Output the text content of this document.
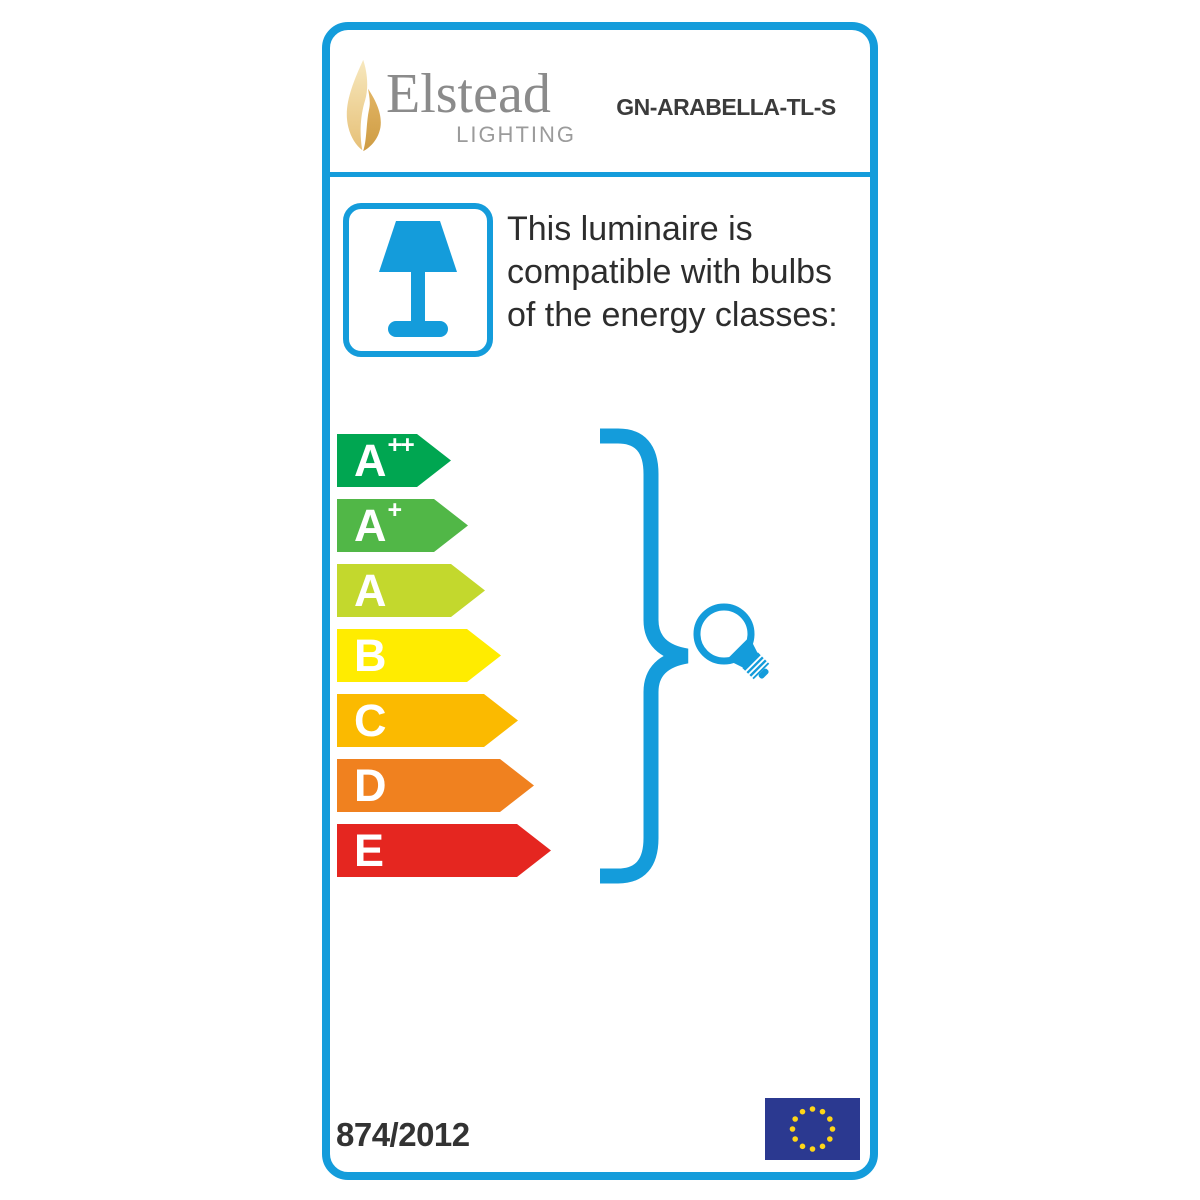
Elstead
LIGHTING
GN-ARABELLA-TL-S
This luminaire is
compatible with bulbs
of the energy classes:
A++
A+
A
B
C
D
E
874/2012
